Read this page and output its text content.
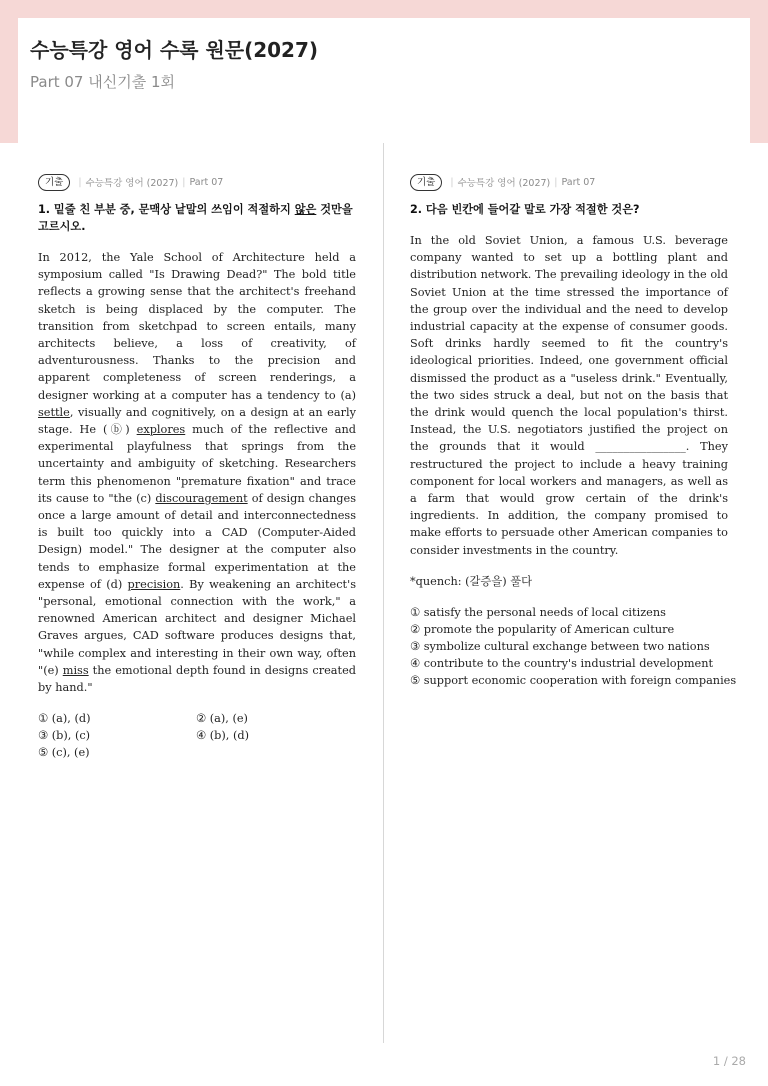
수능특강 영어 수록 원문(2027)
Part 07 내신기출 1회
기출	| 수능특강 영어 (2027) | Part 07
1. 밑줄 친 부분 중, 문맥상 낱말의 쓰임이 적절하지 않은 것만을 고르시오.
In 2012, the Yale School of Architecture held a symposium called "Is Drawing Dead?" The bold title reflects a growing sense that the architect's freehand sketch is being displaced by the computer. The transition from sketchpad to screen entails, many architects believe, a loss of creativity, of adventurousness. Thanks to the precision and apparent completeness of screen renderings, a designer working at a computer has a tendency to (a) settle, visually and cognitively, on a design at an early stage. He (ⓑ) explores much of the reflective and experimental playfulness that springs from the uncertainty and ambiguity of sketching. Researchers term this phenomenon "premature fixation" and trace its cause to "the (c) discouragement of design changes once a large amount of detail and interconnectedness is built too quickly into a CAD (Computer-Aided Design) model." The designer at the computer also tends to emphasize formal experimentation at the expense of (d) precision. By weakening an architect's "personal, emotional connection with the work," a renowned American architect and designer Michael Graves argues, CAD software produces designs that, "while complex and interesting in their own way, often "(e) miss the emotional depth found in designs created by hand."
① (a), (d)	② (a), (e)
③ (b), (c)	④ (b), (d)
⑤ (c), (e)
기출	| 수능특강 영어 (2027) | Part 07
2. 다음 빈칸에 들어갈 말로 가장 적절한 것은?
In the old Soviet Union, a famous U.S. beverage company wanted to set up a bottling plant and distribution network. The prevailing ideology in the old Soviet Union at the time stressed the importance of the group over the individual and the need to develop industrial capacity at the expense of consumer goods. Soft drinks hardly seemed to fit the country's ideological priorities. Indeed, one government official dismissed the product as a "useless drink." Eventually, the two sides struck a deal, but not on the basis that the drink would quench the local population's thirst. Instead, the U.S. negotiators justified the project on the grounds that it would ________________. They restructured the project to include a heavy training component for local workers and managers, as well as a farm that would grow certain of the drink's ingredients. In addition, the company promised to make efforts to persuade other American companies to consider investments in the country.
*quench: (갈증을) 풀다
① satisfy the personal needs of local citizens
② promote the popularity of American culture
③ symbolize cultural exchange between two nations
④ contribute to the country's industrial development
⑤ support economic cooperation with foreign companies
1 / 28
